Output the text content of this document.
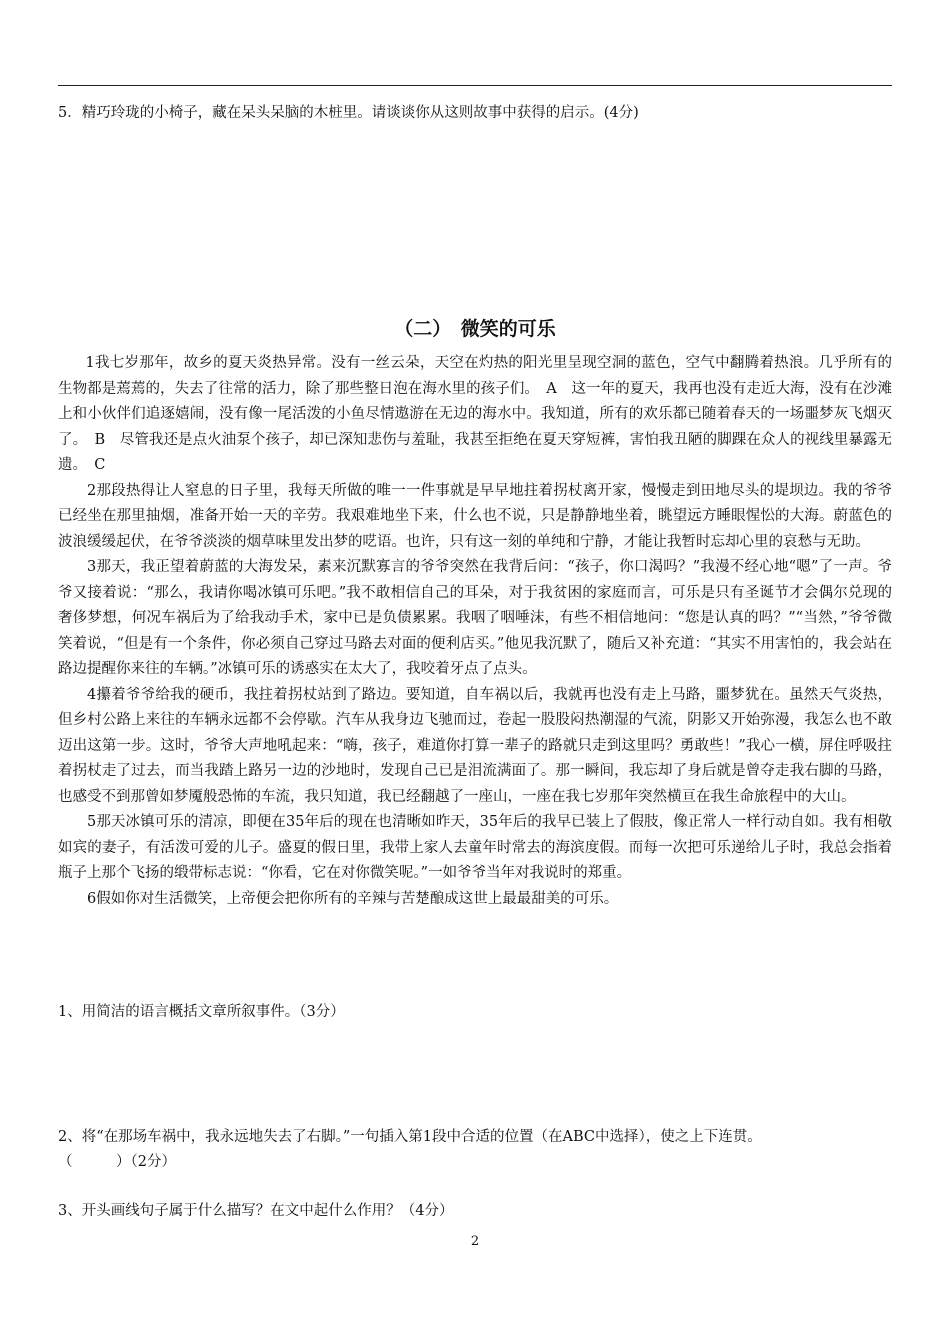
5．精巧玲珑的小椅子，藏在呆头呆脑的木桩里。请谈谈你从这则故事中获得的启示。(4分)
（二）　微笑的可乐

1我七岁那年，故乡的夏天炎热异常。没有一丝云朵，天空在灼热的阳光里呈现空洞的蓝色，空气中翻腾着热浪。几乎所有的生物都是蔫蔫的，失去了往常的活力，除了那些整日泡在海水里的孩子们。　A　这一年的夏天，我再也没有走近大海，没有在沙滩上和小伙伴们追逐嬉闹，没有像一尾活泼的小鱼尽情遨游在无边的海水中。我知道，所有的欢乐都已随着春天的一场噩梦灰飞烟灭了。　B　尽管我还是点火油泵个孩子，却已深知悲伤与羞耻，我甚至拒绝在夏天穿短裤，害怕我丑陋的脚踝在众人的视线里暴露无遗。　C

2那段热得让人窒息的日子里，我每天所做的唯一一件事就是早早地拄着拐杖离开家，慢慢走到田地尽头的堤坝边。我的爷爷已经坐在那里抽烟，准备开始一天的辛劳。我艰难地坐下来，什么也不说，只是静静地坐着，眺望远方睡眼惺忪的大海。蔚蓝色的波浪缓缓起伏，在爷爷淡淡的烟草味里发出梦的呓语。也许，只有这一刻的单纯和宁静，才能让我暂时忘却心里的哀愁与无助。

3那天，我正望着蔚蓝的大海发呆，素来沉默寡言的爷爷突然在我背后问：“孩子，你口渴吗？”我漫不经心地“嗯”了一声。爷爷又接着说：“那么，我请你喝冰镇可乐吧。”我不敢相信自己的耳朵，对于我贫困的家庭而言，可乐是只有圣诞节才会偶尔兑现的奢侈梦想，何况车祸后为了给我动手术，家中已是负债累累。我咽了咽唾沫，有些不相信地问：“您是认真的吗？”“当然，”爷爷微笑着说，“但是有一个条件，你必须自己穿过马路去对面的便利店买。”他见我沉默了，随后又补充道：“其实不用害怕的，我会站在路边提醒你来往的车辆。”冰镇可乐的诱惑实在太大了，我咬着牙点了点头。

4攥着爷爷给我的硬币，我拄着拐杖站到了路边。要知道，自车祸以后，我就再也没有走上马路，噩梦犹在。虽然天气炎热，但乡村公路上来往的车辆永远都不会停歇。汽车从我身边飞驰而过，卷起一股股闷热潮湿的气流，阴影又开始弥漫，我怎么也不敢迈出这第一步。这时，爷爷大声地吼起来：“嗨，孩子，难道你打算一辈子的路就只走到这里吗？勇敢些！”我心一横，屏住呼吸拄着拐杖走了过去，而当我踏上路另一边的沙地时，发现自己已是泪流满面了。那一瞬间，我忘却了身后就是曾夺走我右脚的马路，也感受不到那曾如梦魇般恐怖的车流，我只知道，我已经翻越了一座山，一座在我七岁那年突然横亘在我生命旅程中的大山。

5那天冰镇可乐的清凉，即便在35年后的现在也清晰如昨天，35年后的我早已装上了假肢，像正常人一样行动自如。我有相敬如宾的妻子，有活泼可爱的儿子。盛夏的假日里，我带上家人去童年时常去的海滨度假。而每一次把可乐递给儿子时，我总会指着瓶子上那个飞扬的缎带标志说：“你看，它在对你微笑呢。”一如爷爷当年对我说时的郑重。

6假如你对生活微笑，上帝便会把你所有的辛辣与苦楚酿成这世上最最甜美的可乐。

1、用简洁的语言概括文章所叙事件。（3分）
2、将“在那场车祸中，我永远地失去了右脚。”一句插入第1段中合适的位置（在ABC中选择），使之上下连贯。
（　　　）（2分）
3、开头画线句子属于什么描写？在文中起什么作用？（4分）
2
